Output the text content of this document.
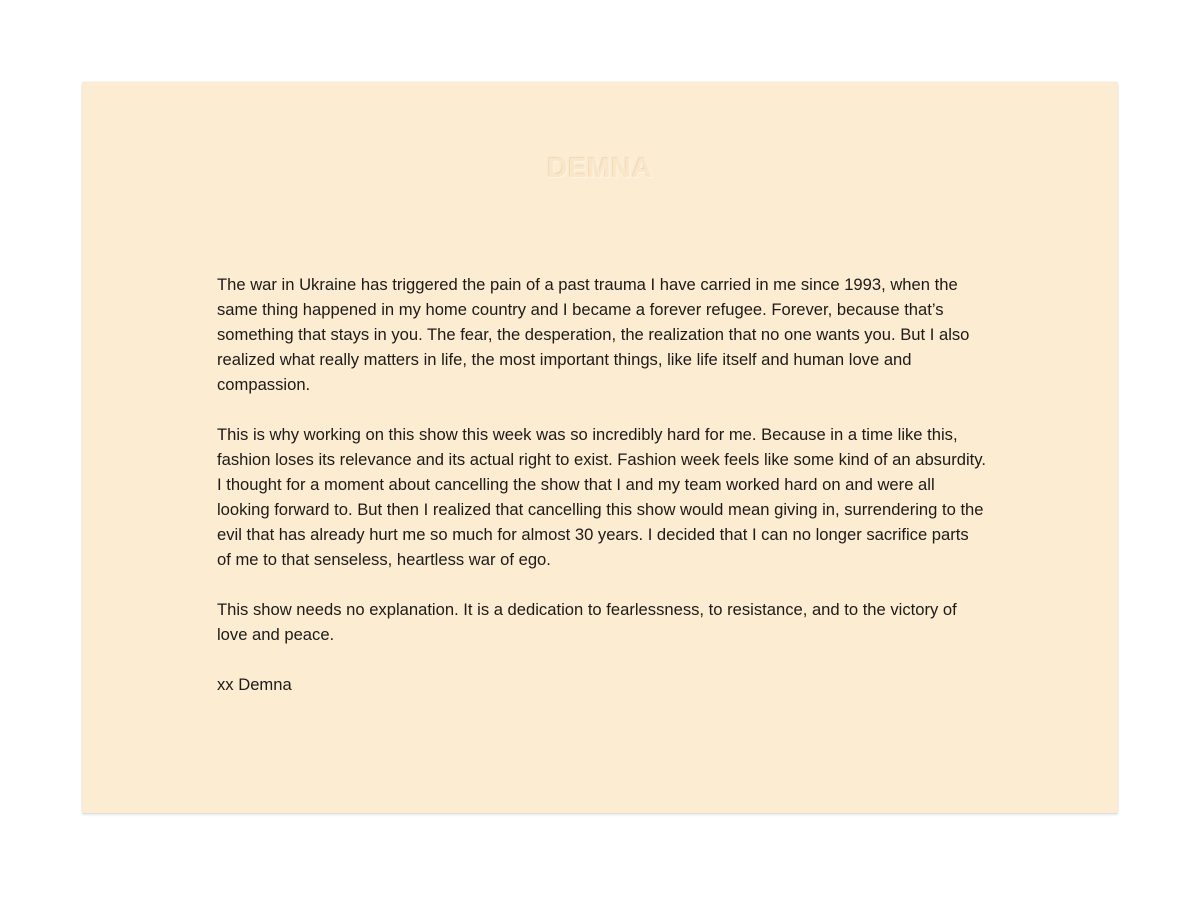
DEMNA

The war in Ukraine has triggered the pain of a past trauma I have carried in me since 1993, when the same thing happened in my home country and I became a forever refugee. Forever, because that’s something that stays in you. The fear, the desperation, the realization that no one wants you. But I also realized what really matters in life, the most important things, like life itself and human love and compassion.

This is why working on this show this week was so incredibly hard for me. Because in a time like this, fashion loses its relevance and its actual right to exist. Fashion week feels like some kind of an absurdity. I thought for a moment about cancelling the show that I and my team worked hard on and were all looking forward to. But then I realized that cancelling this show would mean giving in, surrendering to the evil that has already hurt me so much for almost 30 years. I decided that I can no longer sacrifice parts of me to that senseless, heartless war of ego.

This show needs no explanation. It is a dedication to fearlessness, to resistance, and to the victory of love and peace.

xx Demna
